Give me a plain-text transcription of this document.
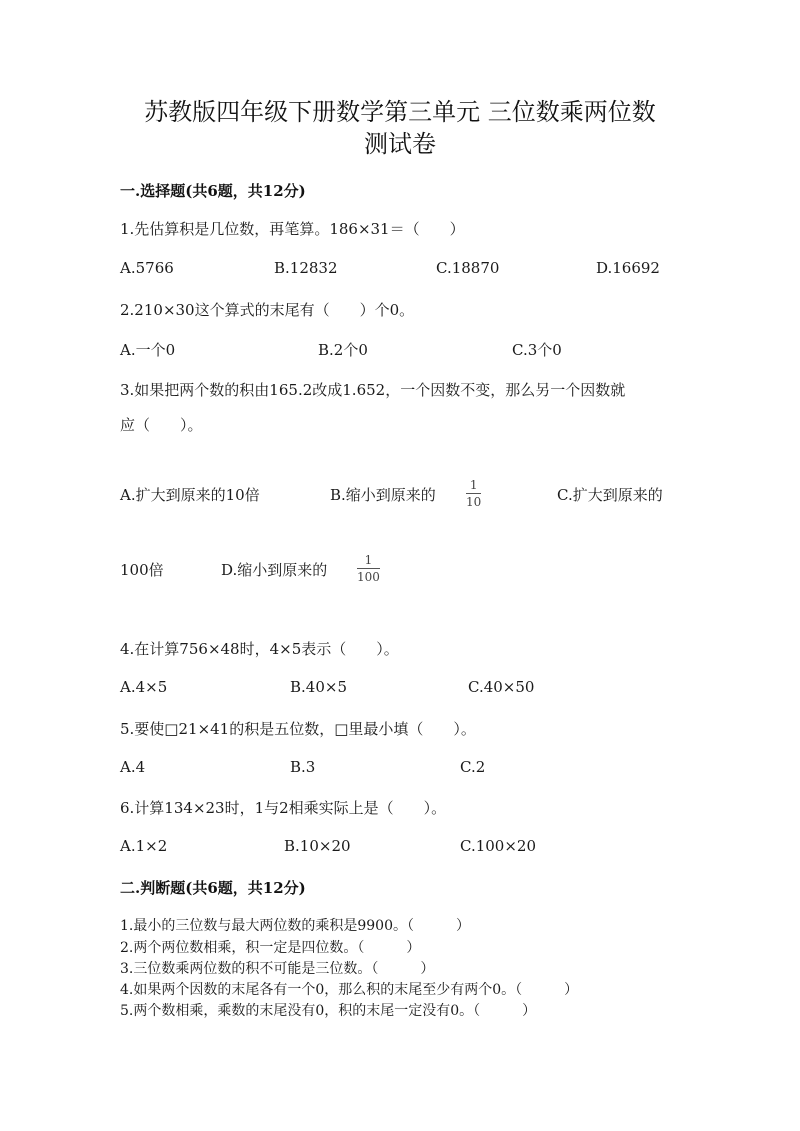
苏教版四年级下册数学第三单元 三位数乘两位数
测试卷
一.选择题(共6题，共12分)
1.先估算积是几位数，再笔算。186×31＝（　　）
A.5766	B.12832	C.18870	D.16692
2.210×30这个算式的末尾有（　　）个0。
A.一个0	B.2个0	C.3个0
3.如果把两个数的积由165.2改成1.652，一个因数不变，那么另一个因数就
应（　　）。
A.扩大到原来的10倍	B.缩小到原来的
1
10	C.扩大到原来的
100倍	D.缩小到原来的
1
100
4.在计算756×48时，4×5表示（　　）。
A.4×5	B.40×5	C.40×50
5.要使□21×41的积是五位数，□里最小填（　　）。
A.4	B.3	C.2
6.计算134×23时，1与2相乘实际上是（　　）。
A.1×2	B.10×20	C.100×20
二.判断题(共6题，共12分)
1.最小的三位数与最大两位数的乘积是9900。（　　　）
2.两个两位数相乘，积一定是四位数。（　　　）
3.三位数乘两位数的积不可能是三位数。（　　　）
4.如果两个因数的末尾各有一个0，那么积的末尾至少有两个0。（　　　）
5.两个数相乘，乘数的末尾没有0，积的末尾一定没有0。（　　　）
